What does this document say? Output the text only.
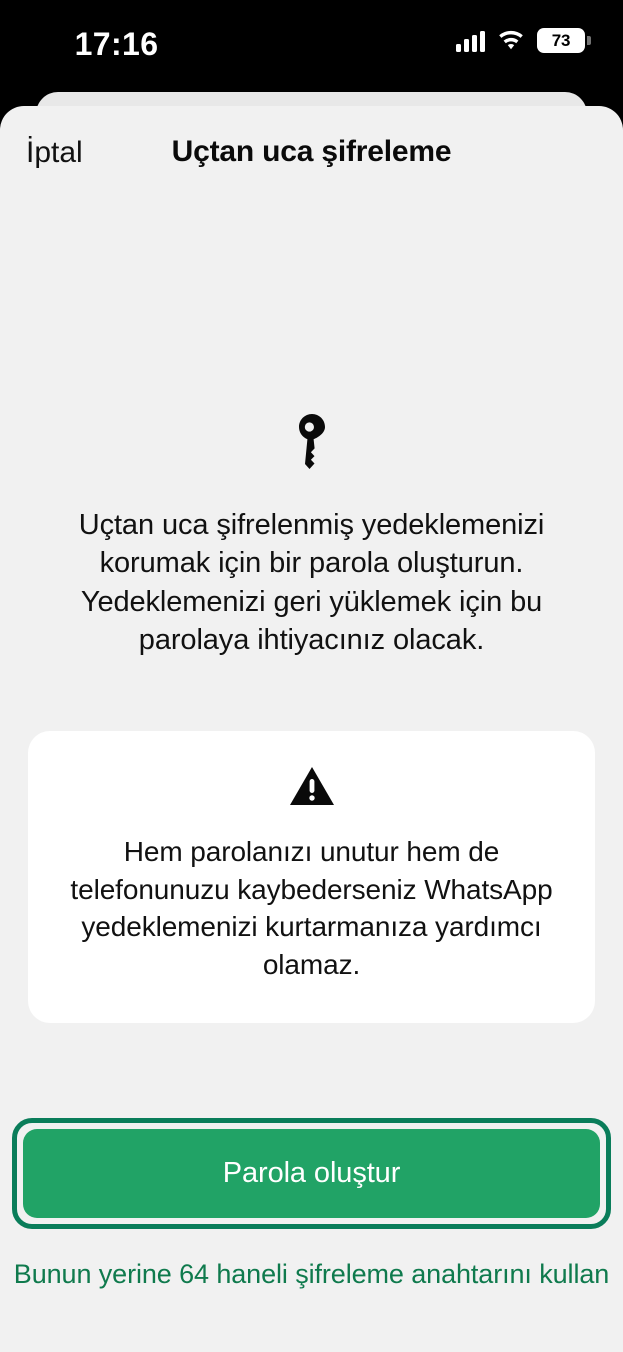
17:16	73
İptal	Uçtan uca şifreleme

Uçtan uca şifrelenmiş yedeklemenizi korumak için bir parola oluşturun. Yedeklemenizi geri yüklemek için bu parolaya ihtiyacınız olacak.

Hem parolanızı unutur hem de telefonunuzu kaybederseniz WhatsApp yedeklemenizi kurtarmanıza yardımcı olamaz.

Parola oluştur
Bunun yerine 64 haneli şifreleme anahtarını kullan
